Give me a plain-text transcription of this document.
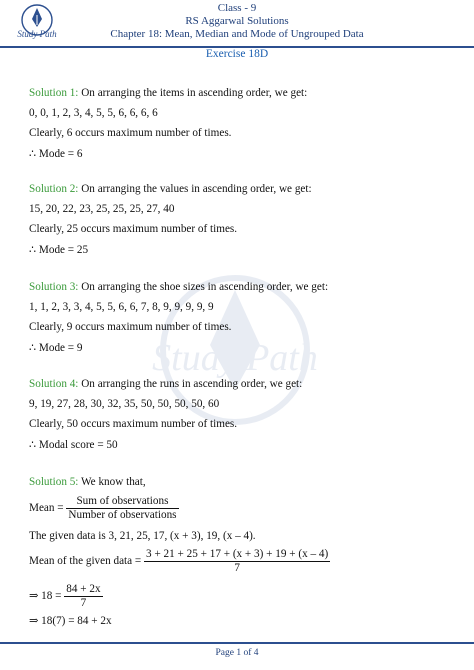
Class - 9
RS Aggarwal Solutions
Chapter 18: Mean, Median and Mode of Ungrouped Data
Study Path
Exercise 18D
Study Path
Solution 1: On arranging the items in ascending order, we get:
0, 0, 1, 2, 3, 4, 5, 5, 6, 6, 6, 6
Clearly, 6 occurs maximum number of times.
∴ Mode = 6
Solution 2: On arranging the values in ascending order, we get:
15, 20, 22, 23, 25, 25, 25, 27, 40
Clearly, 25 occurs maximum number of times.
∴ Mode = 25
Solution 3: On arranging the shoe sizes in ascending order, we get:
1, 1, 2, 3, 3, 4, 5, 5, 6, 6, 7, 8, 9, 9, 9, 9, 9
Clearly, 9 occurs maximum number of times.
∴ Mode = 9
Solution 4: On arranging the runs in ascending order, we get:
9, 19, 27, 28, 30, 32, 35, 50, 50, 50, 50, 60
Clearly, 50 occurs maximum number of times.
∴ Modal score = 50
Solution 5: We know that,
Mean = $\frac{\text{Sum of observations}}{\text{Number of observations}}$
The given data is 3, 21, 25, 17, (x + 3), 19, (x – 4).
Mean of the given data = $\frac{3 + 21 + 25 + 17 + (x + 3) + 19 + (x - 4)}{7}$
⇒ $18 = \frac{84 + 2x}{7}$
⇒ 18(7) = 84 + 2x
Page 1 of 4
